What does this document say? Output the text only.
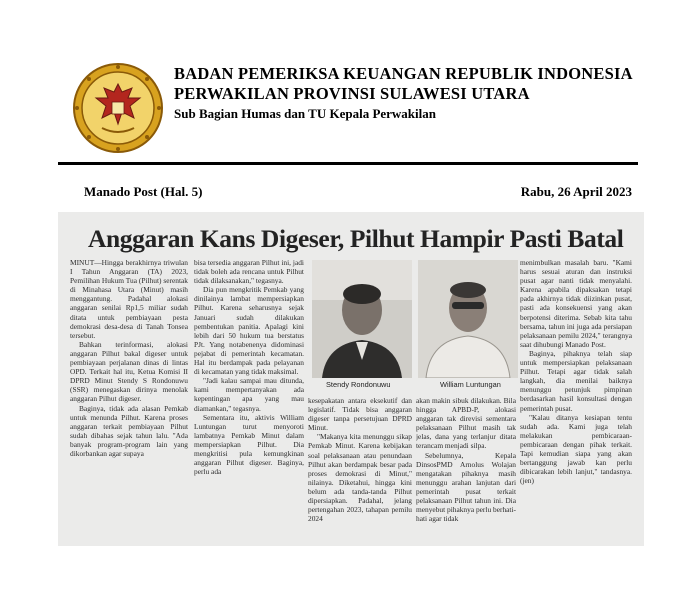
BADAN PEMERIKSA KEUANGAN REPUBLIK INDONESIA
PERWAKILAN PROVINSI SULAWESI UTARA
Sub Bagian Humas dan TU Kepala Perwakilan
Manado Post (Hal. 5)	Rabu, 26 April 2023
Anggaran Kans Digeser, Pilhut Hampir Pasti Batal

MINUT—Hingga berakhirnya triwulan I Tahun Anggaran (TA) 2023, Pemilihan Hukum Tua (Pilhut) serentak di Minahasa Utara (Minut) masih menggantung. Padahal alokasi anggaran senilai Rp1,5 miliar sudah ditata untuk pembiayaan pesta demokrasi desa-desa di Tanah Tonsea tersebut.

Bahkan terinformasi, alokasi anggaran Pilhut bakal digeser untuk pembiayaan perjalanan dinas di lintas OPD. Terkait hal itu, Ketua Komisi II DPRD Minut Stendy S Rondonuwu (SSR) menegaskan dirinya menolak anggaran Pilhut digeser.

Baginya, tidak ada alasan Pemkab untuk menunda Pilhut. Karena proses anggaran terkait pembiayaan Pilhut sudah dibahas sejak tahun lalu. "Ada banyak program-program lain yang dikorbankan agar supaya

bisa tersedia anggaran Pilhut ini, jadi tidak boleh ada rencana untuk Pilhut tidak dilaksanakan," tegasnya.

Dia pun mengkritik Pemkab yang dinilainya lambat mempersiapkan Pilhut. Karena seharusnya sejak Januari sudah dilakukan pembentukan panitia. Apalagi kini lebih dari 50 hukum tua berstatus PJt. Yang notabenenya didominasi pejabat di pemerintah kecamatan. Hal itu berdampak pada pelayanan di kecamatan yang tidak maksimal.

"Jadi kalau sampai mau ditunda, kami mempertanyakan ada kepentingan apa yang mau diamankan," tegasnya.

Sementara itu, aktivis William Luntungan turut menyoroti lambatnya Pemkab Minut dalam mempersiapkan Pilhut. Dia mengkritisi pula kemungkinan anggaran Pilhut digeser. Baginya, perlu ada

Stendy Rondonuwu	William Luntungan

kesepakatan antara eksekutif dan legislatif. Tidak bisa anggaran digeser tanpa persetujuan DPRD Minut.

"Makanya kita menunggu sikap Pemkab Minut. Karena kebijakan soal pelaksanaan atau penundaan Pilhut akan berdampak besar pada proses demokrasi di Minut," nilainya. Diketahui, hingga kini belum ada tanda-tanda Pilhut dipersiapkan. Padahal, jelang pertengahan 2023, tahapan pemilu 2024

akan makin sibuk dilakukan. Bila hingga APBD-P, alokasi anggaran tak direvisi sementara pelaksanaan Pilhut masih tak jelas, dana yang terlanjur ditata terancam menjadi silpa.

Sebelumnya, Kepala DinsosPMD Arnolus Wolajan mengatakan pihaknya masih menunggu arahan lanjutan dari pemerintah pusat terkait pelaksanaan Pilhut tahun ini. Dia menyebut pihaknya perlu berhati-hati agar tidak

menimbulkan masalah baru. "Kami harus sesuai aturan dan instruksi pusat agar nanti tidak menyalahi. Karena apabila dipaksakan tetapi pada akhirnya tidak diizinkan pusat, pasti ada konsekuensi yang akan berpotensi diterima. Sebab kita tahu bersama, tahun ini juga ada persiapan pelaksanaan pemilu 2024," terangnya saat dihubungi Manado Post.

Baginya, pihaknya telah siap untuk mempersiapkan pelaksanaan Pilhut. Tetapi agar tidak salah langkah, dia menilai baiknya menunggu petunjuk pimpinan berdasarkan hasil konsultasi dengan pemerintah pusat.

"Kalau ditanya kesiapan tentu sudah ada. Kami juga telah melakukan pembicaraan-pembicaraan dengan pihak terkait. Tapi kemudian siapa yang akan bertanggung jawab kan perlu dibicarakan lebih lanjut," tandasnya. (jen)
